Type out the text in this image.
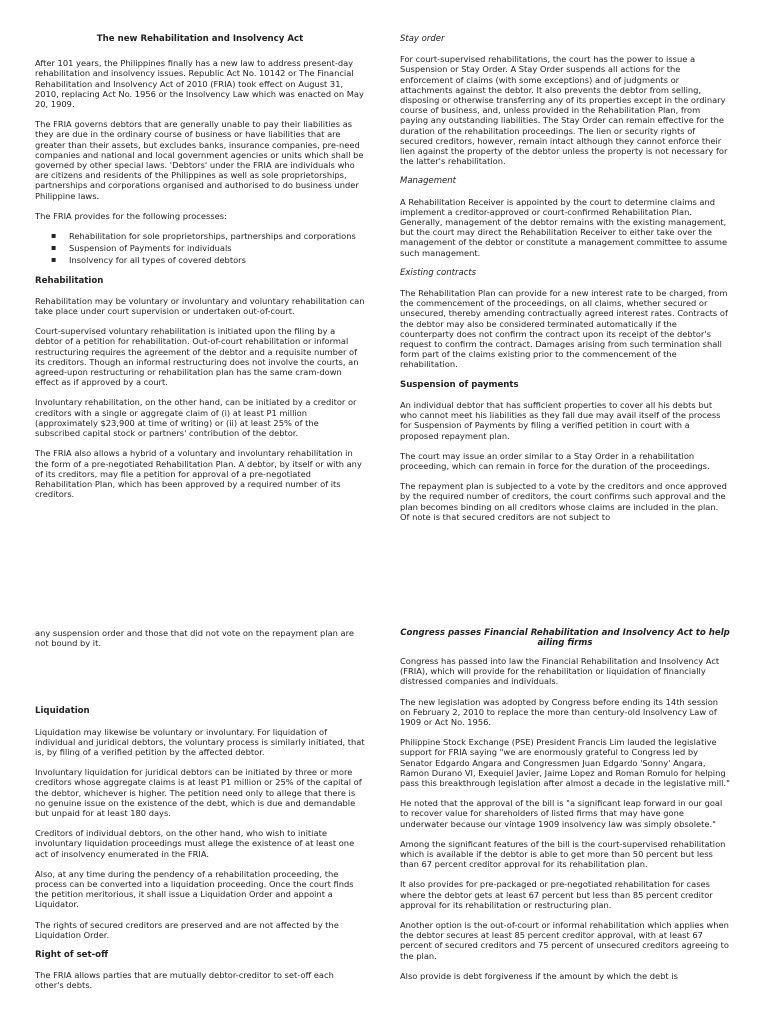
The new Rehabilitation and Insolvency Act

After 101 years, the Philippines finally has a new law to address present-day rehabilitation and insolvency issues. Republic Act No. 10142 or The Financial Rehabilitation and Insolvency Act of 2010 (FRIA) took effect on August 31, 2010, replacing Act No. 1956 or the Insolvency Law which was enacted on May 20, 1909.

The FRIA governs debtors that are generally unable to pay their liabilities as they are due in the ordinary course of business or have liabilities that are greater than their assets, but excludes banks, insurance companies, pre-need companies and national and local government agencies or units which shall be governed by other special laws. 'Debtors' under the FRIA are individuals who are citizens and residents of the Philippines as well as sole proprietorships, partnerships and corporations organised and authorised to do business under Philippine laws.

The FRIA provides for the following processes:

▪ Rehabilitation for sole proprietorships, partnerships and corporations
▪ Suspension of Payments for individuals
▪ Insolvency for all types of covered debtors
Rehabilitation

Rehabilitation may be voluntary or involuntary and voluntary rehabilitation can take place under court supervision or undertaken out-of-court.

Court-supervised voluntary rehabilitation is initiated upon the filing by a debtor of a petition for rehabilitation. Out-of-court rehabilitation or informal restructuring requires the agreement of the debtor and a requisite number of its creditors. Though an informal restructuring does not involve the courts, an agreed-upon restructuring or rehabilitation plan has the same cram-down effect as if approved by a court.

Involuntary rehabilitation, on the other hand, can be initiated by a creditor or creditors with a single or aggregate claim of (i) at least P1 million (approximately $23,900 at time of writing) or (ii) at least 25% of the subscribed capital stock or partners' contribution of the debtor.

The FRIA also allows a hybrid of a voluntary and involuntary rehabilitation in the form of a pre-negotiated Rehabilitation Plan. A debtor, by itself or with any of its creditors, may file a petition for approval of a pre-negotiated Rehabilitation Plan, which has been approved by a required number of its creditors.

Stay order

For court-supervised rehabilitations, the court has the power to issue a Suspension or Stay Order. A Stay Order suspends all actions for the enforcement of claims (with some exceptions) and of judgments or attachments against the debtor. It also prevents the debtor from selling, disposing or otherwise transferring any of its properties except in the ordinary course of business, and, unless provided in the Rehabilitation Plan, from paying any outstanding liabilities. The Stay Order can remain effective for the duration of the rehabilitation proceedings. The lien or security rights of secured creditors, however, remain intact although they cannot enforce their lien against the property of the debtor unless the property is not necessary for the latter's rehabilitation.

Management

A Rehabilitation Receiver is appointed by the court to determine claims and implement a creditor-approved or court-confirmed Rehabilitation Plan. Generally, management of the debtor remains with the existing management, but the court may direct the Rehabilitation Receiver to either take over the management of the debtor or constitute a management committee to assume such management.

Existing contracts

The Rehabilitation Plan can provide for a new interest rate to be charged, from the commencement of the proceedings, on all claims, whether secured or unsecured, thereby amending contractually agreed interest rates. Contracts of the debtor may also be considered terminated automatically if the counterparty does not confirm the contract upon its receipt of the debtor's request to confirm the contract. Damages arising from such termination shall form part of the claims existing prior to the commencement of the rehabilitation.

Suspension of payments

An individual debtor that has sufficient properties to cover all his debts but who cannot meet his liabilities as they fall due may avail itself of the process for Suspension of Payments by filing a verified petition in court with a proposed repayment plan.

The court may issue an order similar to a Stay Order in a rehabilitation proceeding, which can remain in force for the duration of the proceedings.

The repayment plan is subjected to a vote by the creditors and once approved by the required number of creditors, the court confirms such approval and the plan becomes binding on all creditors whose claims are included in the plan. Of note is that secured creditors are not subject to

any suspension order and those that did not vote on the repayment plan are not bound by it.

Liquidation

Liquidation may likewise be voluntary or involuntary. For liquidation of individual and juridical debtors, the voluntary process is similarly initiated, that is, by filing of a verified petition by the affected debtor.

Involuntary liquidation for juridical debtors can be initiated by three or more creditors whose aggregate claims is at least P1 million or 25% of the capital of the debtor, whichever is higher. The petition need only to allege that there is no genuine issue on the existence of the debt, which is due and demandable but unpaid for at least 180 days.

Creditors of individual debtors, on the other hand, who wish to initiate involuntary liquidation proceedings must allege the existence of at least one act of insolvency enumerated in the FRIA.

Also, at any time during the pendency of a rehabilitation proceeding, the process can be converted into a liquidation proceeding. Once the court finds the petition meritorious, it shall issue a Liquidation Order and appoint a Liquidator.

The rights of secured creditors are preserved and are not affected by the Liquidation Order.

Right of set-off

The FRIA allows parties that are mutually debtor-creditor to set-off each other's debts.

Congress passes Financial Rehabilitation and Insolvency Act to help ailing firms

Congress has passed into law the Financial Rehabilitation and Insolvency Act (FRIA), which will provide for the rehabilitation or liquidation of financially distressed companies and individuals.

The new legislation was adopted by Congress before ending its 14th session on February 2, 2010 to replace the more than century-old Insolvency Law of 1909 or Act No. 1956.

Philippine Stock Exchange (PSE) President Francis Lim lauded the legislative support for FRIA saying "we are enormously grateful to Congress led by Senator Edgardo Angara and Congressmen Juan Edgardo 'Sonny' Angara, Ramon Durano VI, Exequiel Javier, Jaime Lopez and Roman Romulo for helping pass this breakthrough legislation after almost a decade in the legislative mill."

He noted that the approval of the bill is "a significant leap forward in our goal to recover value for shareholders of listed firms that may have gone underwater because our vintage 1909 insolvency law was simply obsolete."

Among the significant features of the bill is the court-supervised rehabilitation which is available if the debtor is able to get more than 50 percent but less than 67 percent creditor approval for its rehabilitation plan.

It also provides for pre-packaged or pre-negotiated rehabilitation for cases where the debtor gets at least 67 percent but less than 85 percent creditor approval for its rehabilitation or restructuring plan.

Another option is the out-of-court or informal rehabilitation which applies when the debtor secures at least 85 percent creditor approval, with at least 67 percent of secured creditors and 75 percent of unsecured creditors agreeing to the plan.

Also provide is debt forgiveness if the amount by which the debt is
